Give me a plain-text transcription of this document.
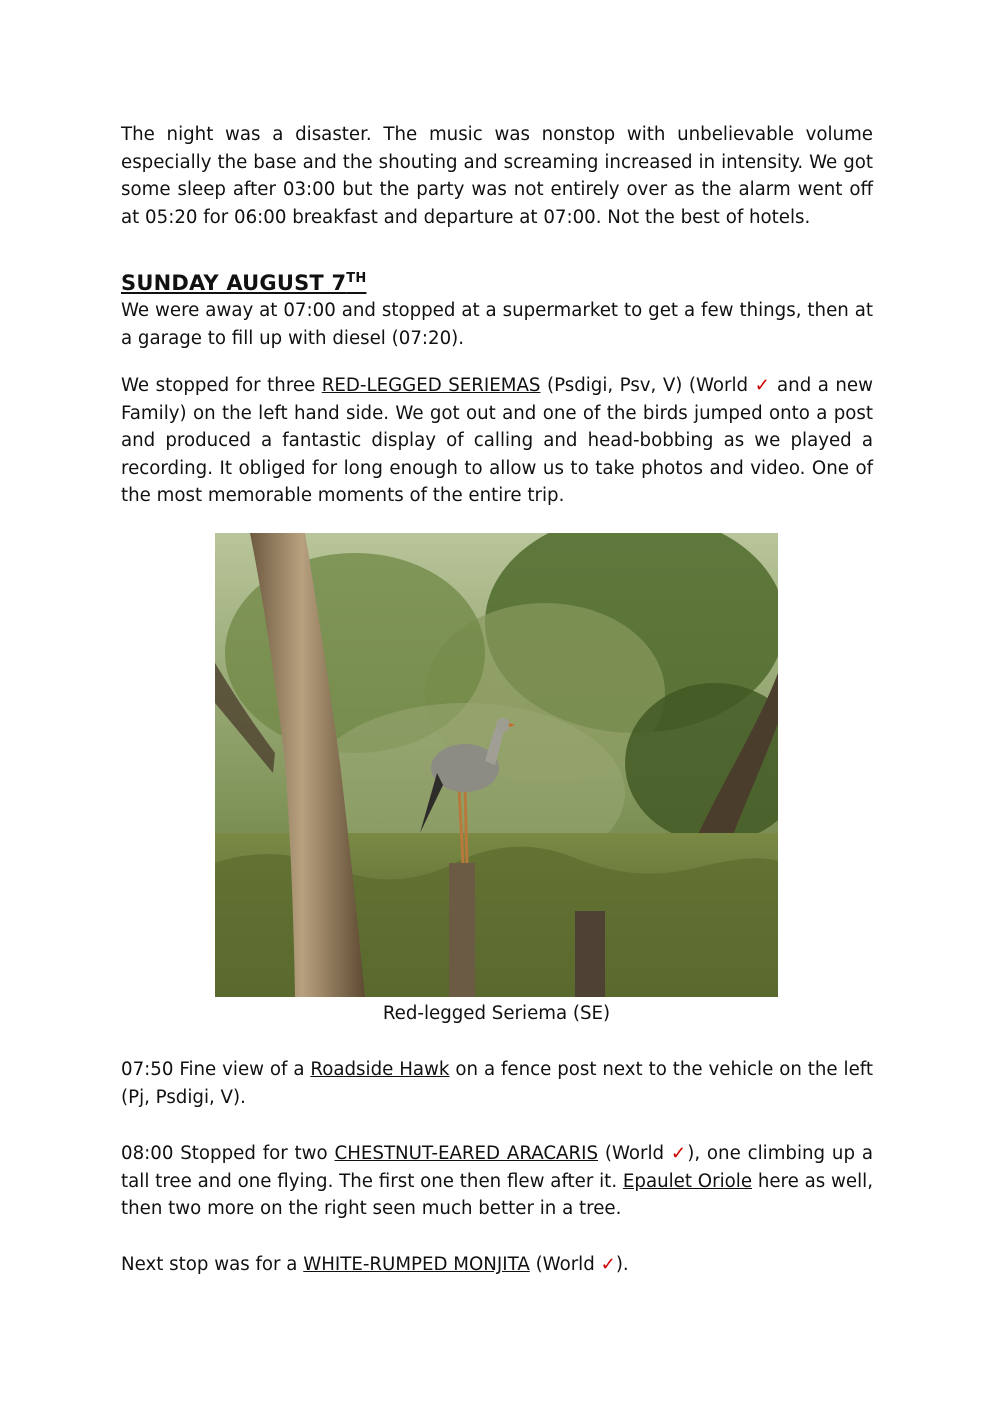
The night was a disaster. The music was nonstop with unbelievable volume especially the base and the shouting and screaming increased in intensity. We got some sleep after 03:00 but the party was not entirely over as the alarm went off at 05:20 for 06:00 breakfast and departure at 07:00. Not the best of hotels.

SUNDAY AUGUST 7TH

We were away at 07:00 and stopped at a supermarket to get a few things, then at a garage to fill up with diesel (07:20).

We stopped for three RED-LEGGED SERIEMAS (Psdigi, Psv, V) (World ✓ and a new Family) on the left hand side. We got out and one of the birds jumped onto a post and produced a fantastic display of calling and head-bobbing as we played a recording. It obliged for long enough to allow us to take photos and video. One of the most memorable moments of the entire trip.

Red-legged Seriema (SE)

07:50 Fine view of a Roadside Hawk on a fence post next to the vehicle on the left (Pj, Psdigi, V).

08:00 Stopped for two CHESTNUT-EARED ARACARIS (World ✓), one climbing up a tall tree and one flying. The first one then flew after it. Epaulet Oriole here as well, then two more on the right seen much better in a tree.

Next stop was for a WHITE-RUMPED MONJITA (World ✓).
